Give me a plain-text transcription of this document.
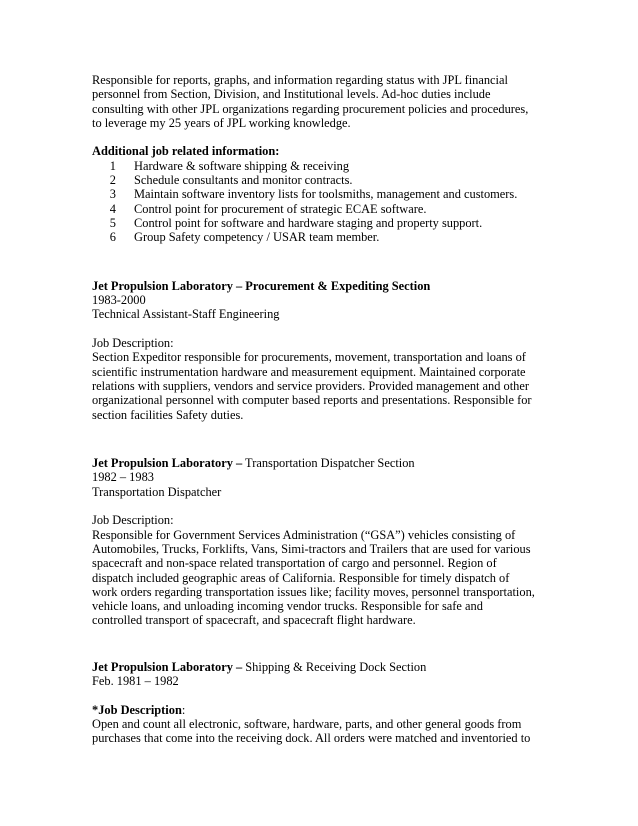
Responsible for reports, graphs, and information regarding status with JPL financial
personnel from Section, Division, and Institutional levels. Ad-hoc duties include
consulting with other JPL organizations regarding procurement policies and procedures,
to leverage my 25 years of JPL working knowledge.
Additional job related information:
1 Hardware & software shipping & receiving
2 Schedule consultants and monitor contracts.
3 Maintain software inventory lists for toolsmiths, management and customers.
4 Control point for procurement of strategic ECAE software.
5 Control point for software and hardware staging and property support.
6 Group Safety competency / USAR team member.
Jet Propulsion Laboratory – Procurement & Expediting Section
1983-2000
Technical Assistant-Staff Engineering
Job Description:
Section Expeditor responsible for procurements, movement, transportation and loans of
scientific instrumentation hardware and measurement equipment. Maintained corporate
relations with suppliers, vendors and service providers. Provided management and other
organizational personnel with computer based reports and presentations. Responsible for
section facilities Safety duties.
Jet Propulsion Laboratory – Transportation Dispatcher Section
1982 – 1983
Transportation Dispatcher
Job Description:
Responsible for Government Services Administration (“GSA”) vehicles consisting of
Automobiles, Trucks, Forklifts, Vans, Simi-tractors and Trailers that are used for various
spacecraft and non-space related transportation of cargo and personnel. Region of
dispatch included geographic areas of California. Responsible for timely dispatch of
work orders regarding transportation issues like; facility moves, personnel transportation,
vehicle loans, and unloading incoming vendor trucks. Responsible for safe and
controlled transport of spacecraft, and spacecraft flight hardware.
Jet Propulsion Laboratory – Shipping & Receiving Dock Section
Feb. 1981 – 1982
*Job Description:
Open and count all electronic, software, hardware, parts, and other general goods from
purchases that come into the receiving dock. All orders were matched and inventoried to
